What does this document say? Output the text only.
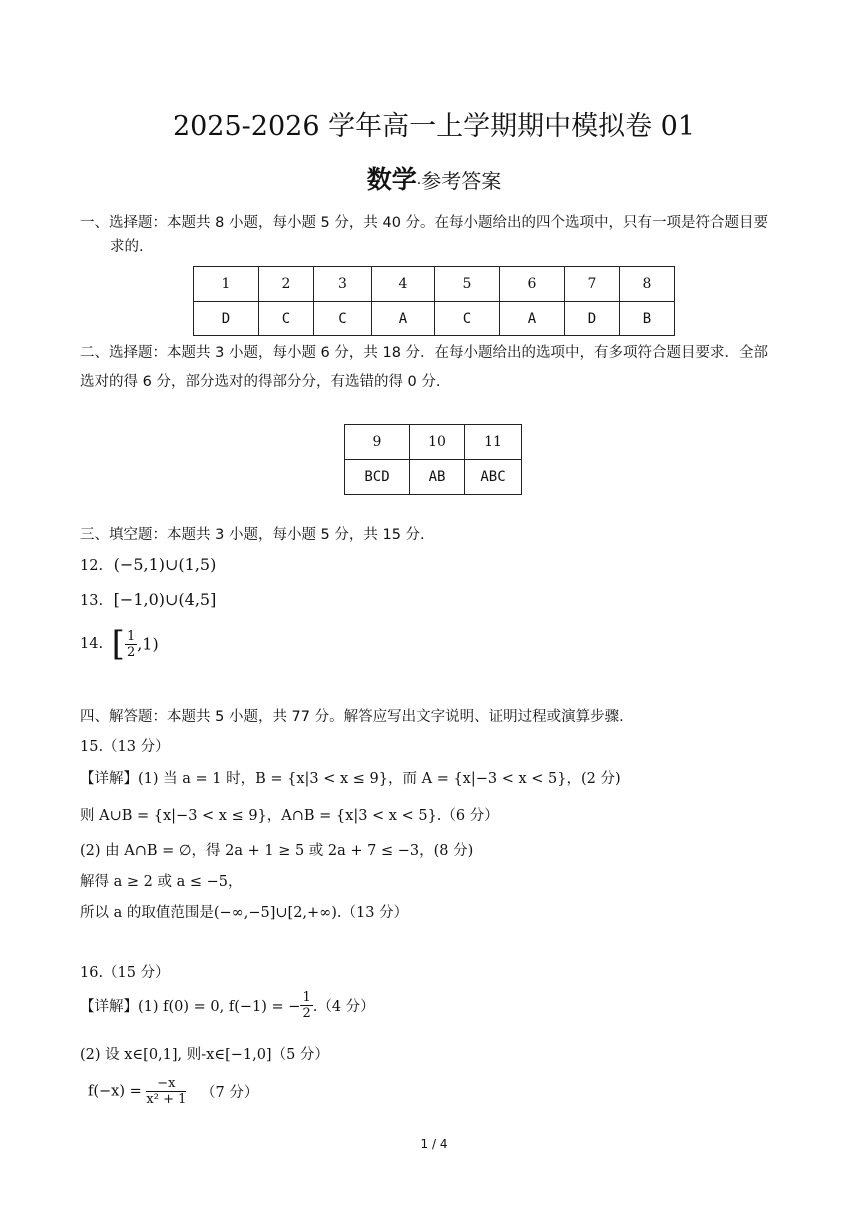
2025-2026 学年高一上学期期中模拟卷 01
数学·参考答案
一、选择题：本题共 8 小题，每小题 5 分，共 40 分。在每小题给出的四个选项中，只有一项是符合题目要
求的.
1	2	3	4	5	6	7	8
D	C	C	A	C	A	D	B
二、选择题：本题共 3 小题，每小题 6 分，共 18 分．在每小题给出的选项中，有多项符合题目要求．全部
选对的得 6 分，部分选对的得部分分，有选错的得 0 分.
9	10	11
BCD	AB	ABC
三、填空题：本题共 3 小题，每小题 5 分，共 15 分.
12. (−5,1)∪(1,5)
13. [−1,0)∪(4,5]
14. [ $\frac{1}{2} ,1$)
四、解答题：本题共 5 小题，共 77 分。解答应写出文字说明、证明过程或演算步骤.
15.（13 分）
【详解】(1) 当 a = 1 时，B = {x|3 < x ≤ 9}，而 A = {x|−3 < x < 5}，(2 分)
则 A∪B = {x|−3 < x ≤ 9}，A∩B = {x|3 < x < 5}.（6 分）
(2) 由 A∩B = ∅，得 2a + 1 ≥ 5 或 2a + 7 ≤ −3，(8 分)
解得 a ≥ 2 或 a ≤ −5，
所以 a 的取值范围是(−∞,−5]∪[2,+∞).（13 分）
16.（15 分）
【详解】(1) f(0) = 0, f(−1) = − $\frac{1}{2} .(4$ 分）
(2) 设 x∈[0,1], 则-x∈[−1,0]（5 分）
$f(-x) = \frac{-x}{\text{x² + 1}} (7$ 分）
1 / 4
